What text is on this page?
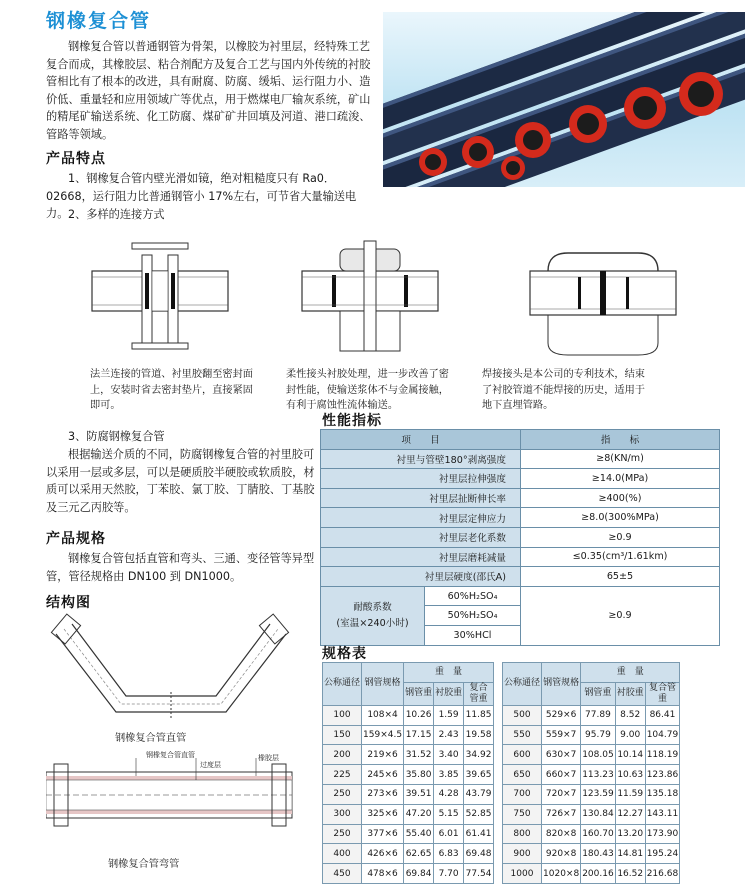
钢橡复合管
钢橡复合管以普通钢管为骨架，以橡胶为衬里层，经特殊工艺复合而成，其橡胶层、粘合剂配方及复合工艺与国内外传统的衬胶管相比有了根本的改进，具有耐腐、防腐、缓垢、运行阻力小、造价低、重量轻和应用领域广等优点，用于燃煤电厂输灰系统，矿山的精尾矿输送系统、化工防腐、煤矿矿井回填及河道、港口疏浚、管路等领域。
产品特点
1、钢橡复合管内壁光滑如镜，绝对粗糙度只有 Ra0．02668，运行阻力比普通钢管小 17%左右，可节省大量输送电力。 2、多样的连接方式
法兰连接的管道、衬里胶翻至密封面上，安装时省去密封垫片，直接紧固即可。
柔性接头衬胶处理，进一步改善了密封性能，使输送浆体不与金属接触，有利于腐蚀性流体输送。
焊接接头是本公司的专利技术，结束了衬胶管道不能焊接的历史，适用于地下直埋管路。
3、防腐钢橡复合管
根据输送介质的不同，防腐钢橡复合管的衬里胶可以采用一层或多层，可以是硬质胶半硬胶或软质胶，材质可以采用天然胶，丁苯胶、氯丁胶、丁腈胶、丁基胶及三元乙丙胶等。
产品规格
钢橡复合管包括直管和弯头、三通、变径管等异型管，管径规格由 DN100 到 DN1000。
结构图
钢橡复合管直管
钢橡复合管直管
过度层
橡胶层
钢橡复合管弯管
性能指标
项　　目		指　　标
衬里与管壁180°剥离强度		≥8(KN/m)
衬里层拉伸强度		≥14.0(MPa)
衬里层扯断伸长率		≥400(%)
衬里层定伸应力		≥8.0(300%MPa)
衬里层老化系数		≥0.9
衬里层磨耗减量		≤0.35(cm³/1.61km)
衬里层硬度(邵氏A)		65±5
耐酸系数
(室温×240小时)	60%H₂SO₄	≥0.9
	50%H₂SO₄	
	30%HCl	
规格表
公称通径	钢管规格	重　量		
		钢管重	衬胶重	复合管重
100	108×4	10.26	1.59	11.85
150	159×4.5	17.15	2.43	19.58
200	219×6	31.52	3.40	34.92
225	245×6	35.80	3.85	39.65
250	273×6	39.51	4.28	43.79
300	325×6	47.20	5.15	52.85
250	377×6	55.40	6.01	61.41
400	426×6	62.65	6.83	69.48
450	478×6	69.84	7.70	77.54
公称通径	钢管规格	重　量		
		钢管重	衬胶重	复合管重
500	529×6	77.89	8.52	86.41
550	559×7	95.79	9.00	104.79
600	630×7	108.05	10.14	118.19
650	660×7	113.23	10.63	123.86
700	720×7	123.59	11.59	135.18
750	726×7	130.84	12.27	143.11
800	820×8	160.70	13.20	173.90
900	920×8	180.43	14.81	195.24
1000	1020×8	200.16	16.52	216.68
